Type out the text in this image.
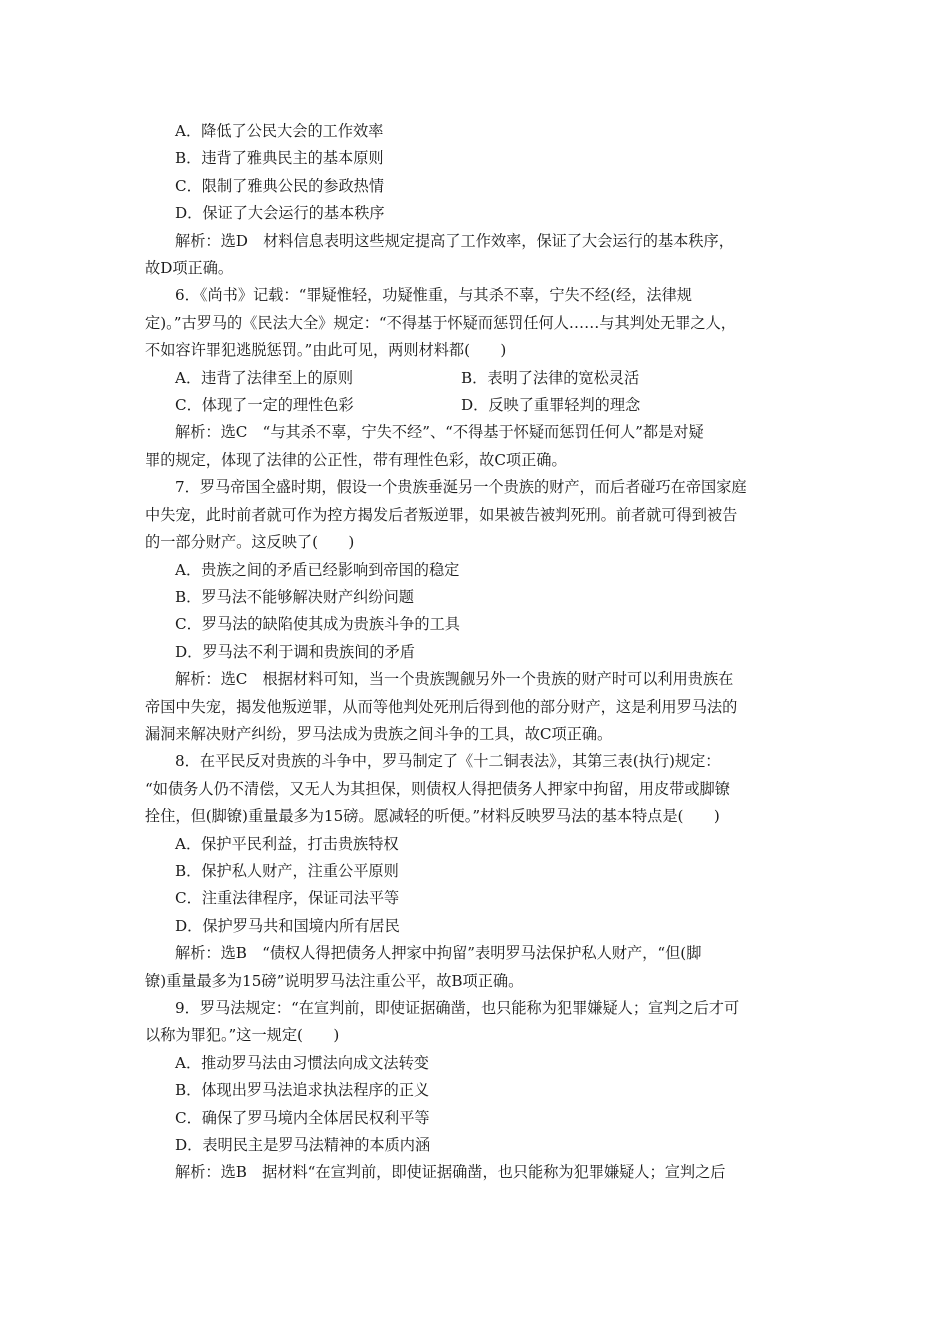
A．降低了公民大会的工作效率
B．违背了雅典民主的基本原则
C．限制了雅典公民的参政热情
D．保证了大会运行的基本秩序
解析：选D　材料信息表明这些规定提高了工作效率，保证了大会运行的基本秩序，
故D项正确。
6．《尚书》记载：“罪疑惟轻，功疑惟重，与其杀不辜，宁失不经(经，法律规
定)。”古罗马的《民法大全》规定：“不得基于怀疑而惩罚任何人……与其判处无罪之人，
不如容许罪犯逃脱惩罚。”由此可见，两则材料都(　　)
A．违背了法律至上的原则	B．表明了法律的宽松灵活
C．体现了一定的理性色彩	D．反映了重罪轻判的理念
解析：选C　“与其杀不辜，宁失不经”、“不得基于怀疑而惩罚任何人”都是对疑
罪的规定，体现了法律的公正性，带有理性色彩，故C项正确。
7．罗马帝国全盛时期，假设一个贵族垂涎另一个贵族的财产，而后者碰巧在帝国家庭
中失宠，此时前者就可作为控方揭发后者叛逆罪，如果被告被判死刑。前者就可得到被告
的一部分财产。这反映了(　　)
A．贵族之间的矛盾已经影响到帝国的稳定
B．罗马法不能够解决财产纠纷问题
C．罗马法的缺陷使其成为贵族斗争的工具
D．罗马法不利于调和贵族间的矛盾
解析：选C　根据材料可知，当一个贵族觊觎另外一个贵族的财产时可以利用贵族在
帝国中失宠，揭发他叛逆罪，从而等他判处死刑后得到他的部分财产，这是利用罗马法的
漏洞来解决财产纠纷，罗马法成为贵族之间斗争的工具，故C项正确。
8．在平民反对贵族的斗争中，罗马制定了《十二铜表法》，其第三表(执行)规定：
“如债务人仍不清偿，又无人为其担保，则债权人得把债务人押家中拘留，用皮带或脚镣
拴住，但(脚镣)重量最多为15磅。愿减轻的听便。”材料反映罗马法的基本特点是(　　)
A．保护平民利益，打击贵族特权
B．保护私人财产，注重公平原则
C．注重法律程序，保证司法平等
D．保护罗马共和国境内所有居民
解析：选B　“债权人得把债务人押家中拘留”表明罗马法保护私人财产，“但(脚
镣)重量最多为15磅”说明罗马法注重公平，故B项正确。
9．罗马法规定：“在宣判前，即使证据确凿，也只能称为犯罪嫌疑人；宣判之后才可
以称为罪犯。”这一规定(　　)
A．推动罗马法由习惯法向成文法转变
B．体现出罗马法追求执法程序的正义
C．确保了罗马境内全体居民权利平等
D．表明民主是罗马法精神的本质内涵
解析：选B　据材料“在宣判前，即使证据确凿，也只能称为犯罪嫌疑人；宣判之后
